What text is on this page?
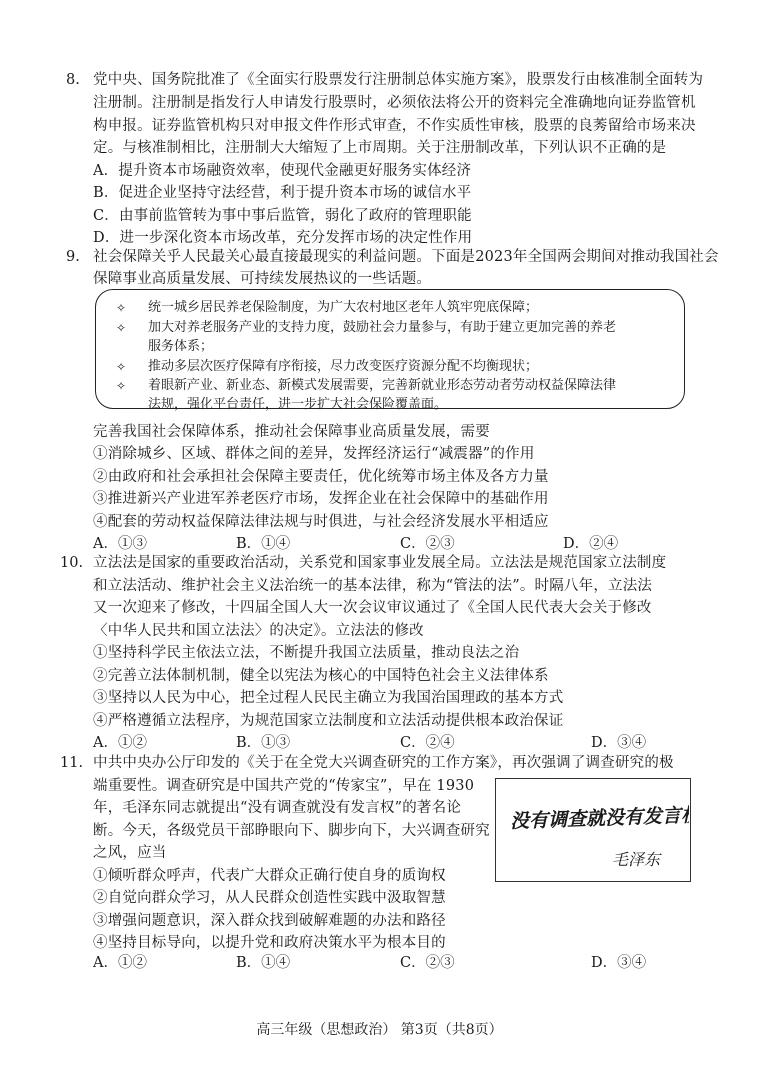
8. 党中央、国务院批准了《全面实行股票发行注册制总体实施方案》，股票发行由核准制全面转为
注册制。注册制是指发行人申请发行股票时，必须依法将公开的资料完全准确地向证券监管机
构申报。证券监管机构只对申报文件作形式审查，不作实质性审核，股票的良莠留给市场来决
定。与核准制相比，注册制大大缩短了上市周期。关于注册制改革，下列认识不正确的是
A．提升资本市场融资效率，使现代金融更好服务实体经济
B．促进企业坚持守法经营，利于提升资本市场的诚信水平
C．由事前监管转为事中事后监管，弱化了政府的管理职能
D．进一步深化资本市场改革，充分发挥市场的决定性作用
9. 社会保障关乎人民最关心最直接最现实的利益问题。下面是2023年全国两会期间对推动我国社会
保障事业高质量发展、可持续发展热议的一些话题。
✧ 统一城乡居民养老保险制度，为广大农村地区老年人筑牢兜底保障；
✧ 加大对养老服务产业的支持力度，鼓励社会力量参与，有助于建立更加完善的养老
服务体系；
✧ 推动多层次医疗保障有序衔接，尽力改变医疗资源分配不均衡现状；
✧ 着眼新产业、新业态、新模式发展需要，完善新就业形态劳动者劳动权益保障法律
法规，强化平台责任，进一步扩大社会保险覆盖面。
完善我国社会保障体系，推动社会保障事业高质量发展，需要
①消除城乡、区域、群体之间的差异，发挥经济运行“减震器”的作用
②由政府和社会承担社会保障主要责任，优化统筹市场主体及各方力量
③推进新兴产业进军养老医疗市场，发挥企业在社会保障中的基础作用
④配套的劳动权益保障法律法规与时俱进，与社会经济发展水平相适应
A．①③	B．①④	C．②③	D．②④
10. 立法法是国家的重要政治活动，关系党和国家事业发展全局。立法法是规范国家立法制度
和立法活动、维护社会主义法治统一的基本法律，称为“管法的法”。时隔八年，立法法
又一次迎来了修改，十四届全国人大一次会议审议通过了《全国人民代表大会关于修改
〈中华人民共和国立法法〉的决定》。立法法的修改
①坚持科学民主依法立法，不断提升我国立法质量，推动良法之治
②完善立法体制机制，健全以宪法为核心的中国特色社会主义法律体系
③坚持以人民为中心，把全过程人民民主确立为我国治国理政的基本方式
④严格遵循立法程序，为规范国家立法制度和立法活动提供根本政治保证
A．①②	B．①③	C．②④	D．③④
11. 中共中央办公厅印发的《关于在全党大兴调查研究的工作方案》，再次强调了调查研究的极
端重要性。调查研究是中国共产党的“传家宝”，早在 1930
年，毛泽东同志就提出“没有调查就没有发言权”的著名论
断。今天，各级党员干部睁眼向下、脚步向下，大兴调查研究
之风，应当
没有调查就没有发言权
毛泽东
①倾听群众呼声，代表广大群众正确行使自身的质询权
②自觉向群众学习，从人民群众创造性实践中汲取智慧
③增强问题意识，深入群众找到破解难题的办法和路径
④坚持目标导向，以提升党和政府决策水平为根本目的
A．①②	B．①④	C．②③	D．③④
高三年级（思想政治） 第3页（共8页）
